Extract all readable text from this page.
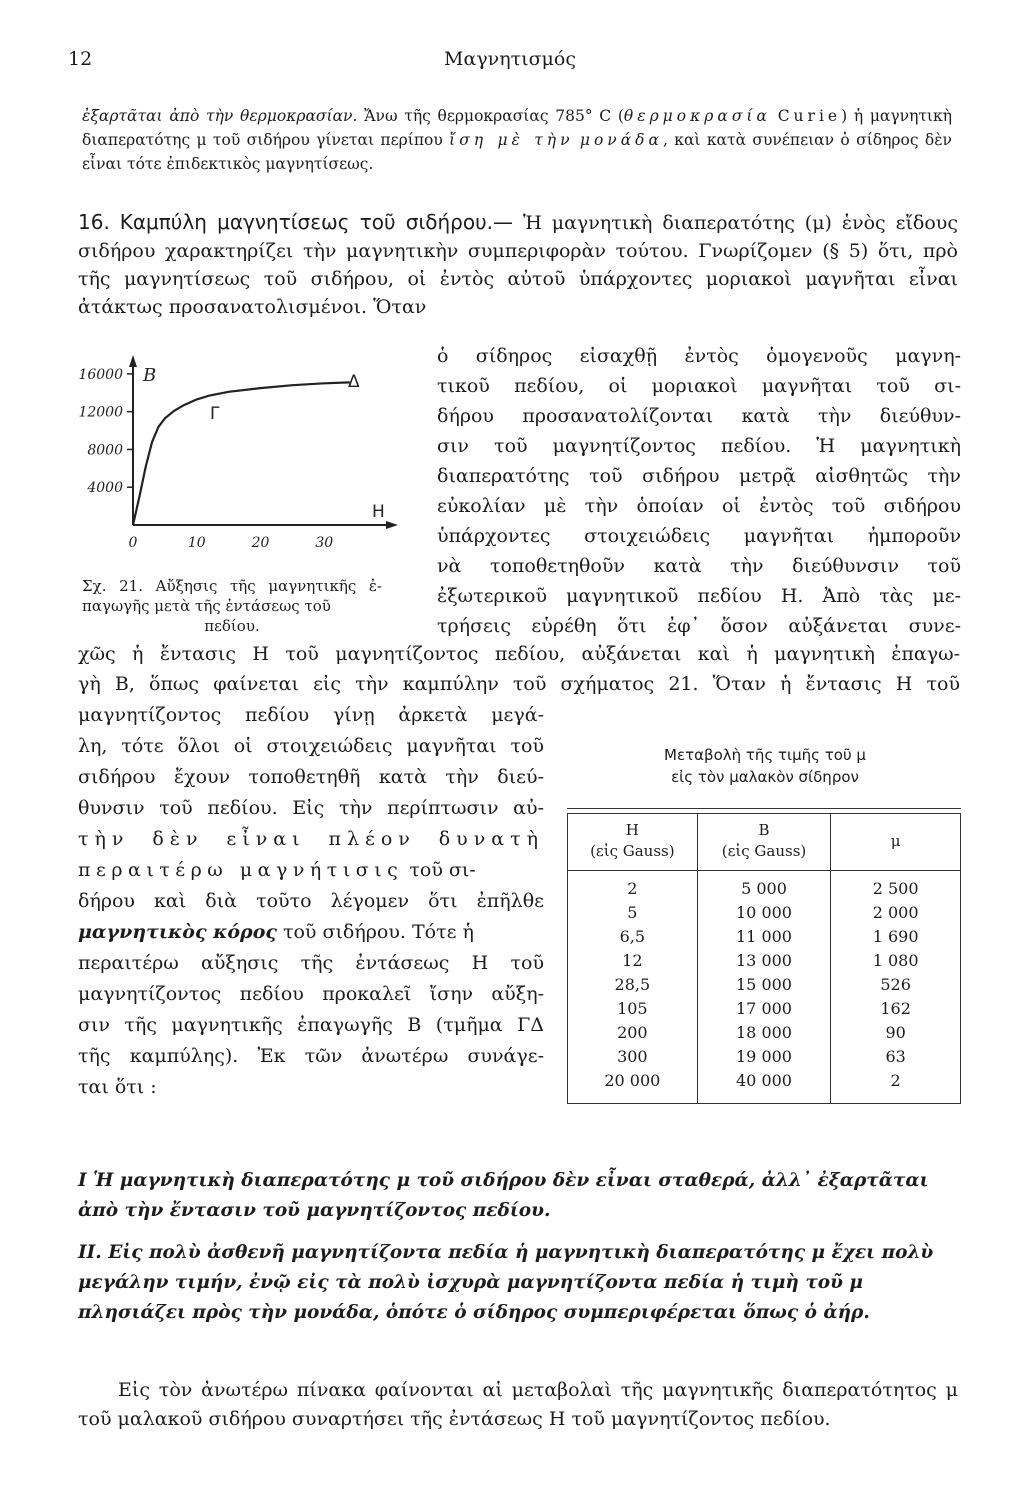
12	Μαγνητισμός
ἐξαρτᾶται ἀπὸ τὴν θερμοκρασίαν. Ἄνω τῆς θερμοκρασίας 785° C (θερμοκρασία Curie) ἡ μαγνητικὴ διαπερατότης μ τοῦ σιδήρου γίνεται περίπου ἴση μὲ τὴν μονάδα, καὶ κατὰ συνέπειαν ὁ σίδηρος δὲν εἶναι τότε ἐπιδεκτικὸς μαγνητίσεως.
16. Καμπύλη μαγνητίσεως τοῦ σιδήρου.— Ἡ μαγνητικὴ διαπερατότης (μ) ἑνὸς εἴδους σιδήρου χαρακτηρίζει τὴν μαγνητικὴν συμπεριφορὰν τούτου. Γνωρίζομεν (§ 5) ὅτι, πρὸ τῆς μαγνητίσεως τοῦ σιδήρου, οἱ ἐντὸς αὐτοῦ ὑπάρχοντες μοριακοὶ μαγνῆται εἶναι ἀτάκτως προσανατολισμένοι. Ὅταν
16000
12000
8000
4000
0	10	20	30
B
H
Γ
Δ
Σχ. 21. Αὔξησις τῆς μαγνητικῆς ἐ- παγωγῆς μετὰ τῆς ἐντάσεως τοῦ
πεδίου.
ὁ σίδηρος εἰσαχθῇ ἐντὸς ὁμογενοῦς μαγνη-
τικοῦ πεδίου, οἱ μοριακοὶ μαγνῆται τοῦ σι-
δήρου προσανατολίζονται κατὰ τὴν διεύθυν-
σιν τοῦ μαγνητίζοντος πεδίου. Ἡ μαγνητικὴ
διαπερατότης τοῦ σιδήρου μετρᾷ αἰσθητῶς τὴν
εὐκολίαν μὲ τὴν ὁποίαν οἱ ἐντὸς τοῦ σιδήρου
ὑπάρχοντες στοιχειώδεις μαγνῆται ἠμποροῦν
νὰ τοποθετηθοῦν κατὰ τὴν διεύθυνσιν τοῦ
ἐξωτερικοῦ μαγνητικοῦ πεδίου Η. Ἀπὸ τὰς με-
τρήσεις εὑρέθη ὅτι ἐφ᾽ ὅσον αὐξάνεται συνε-
χῶς ἡ ἔντασις Η τοῦ μαγνητίζοντος πεδίου, αὐξάνεται καὶ ἡ μαγνητικὴ ἐπαγω-
γὴ Β, ὅπως φαίνεται εἰς τὴν καμπύλην τοῦ σχήματος 21. Ὅταν ἡ ἔντασις Η τοῦ
μαγνητίζοντος πεδίου γίνῃ ἀρκετὰ μεγά-
λη, τότε ὅλοι οἱ στοιχειώδεις μαγνῆται τοῦ
σιδήρου ἔχουν τοποθετηθῆ κατὰ τὴν διεύ-
θυνσιν τοῦ πεδίου. Εἰς τὴν περίπτωσιν αὐ-
τὴν δὲν εἶναι πλέον δυνατὴ
περαιτέρω μαγνήτισις τοῦ σι-
δήρου καὶ διὰ τοῦτο λέγομεν ὅτι ἐπῆλθε
μαγνητικὸς κόρος τοῦ σιδήρου. Τότε ἡ
περαιτέρω αὔξησις τῆς ἐντάσεως Η τοῦ
μαγνητίζοντος πεδίου προκαλεῖ ἴσην αὔξη-
σιν τῆς μαγνητικῆς ἐπαγωγῆς Β (τμῆμα ΓΔ
τῆς καμπύλης). Ἐκ τῶν ἀνωτέρω συνάγε-
ται ὅτι :
Μεταβολὴ τῆς τιμῆς τοῦ μ
εἰς τὸν μαλακὸν σίδηρον
Η
(εἰς Gauss)	Β
(εἰς Gauss)	μ
2	5 000	2 500
5	10 000	2 000
6,5	11 000	1 690
12	13 000	1 080
28,5	15 000	526
105	17 000	162
200	18 000	90
300	19 000	63
20 000	40 000	2
I Ἡ μαγνητικὴ διαπερατότης μ τοῦ σιδήρου δὲν εἶναι σταθερά, ἀλλ᾽ ἐξαρτᾶται ἀπὸ τὴν ἔντασιν τοῦ μαγνητίζοντος πεδίου.
II. Εἰς πολὺ ἀσθενῆ μαγνητίζοντα πεδία ἡ μαγνητικὴ διαπερατότης μ ἔχει πολὺ μεγάλην τιμήν, ἐνῷ εἰς τὰ πολὺ ἰσχυρὰ μαγνητίζοντα πεδία ἡ τιμὴ τοῦ μ πλησιάζει πρὸς τὴν μονάδα, ὁπότε ὁ σίδηρος συμπεριφέρεται ὅπως ὁ ἀήρ.
Εἰς τὸν ἀνωτέρω πίνακα φαίνονται αἱ μεταβολαὶ τῆς μαγνητικῆς διαπερατότητος μ τοῦ μαλακοῦ σιδήρου συναρτήσει τῆς ἐντάσεως Η τοῦ μαγνητίζοντος πεδίου.
